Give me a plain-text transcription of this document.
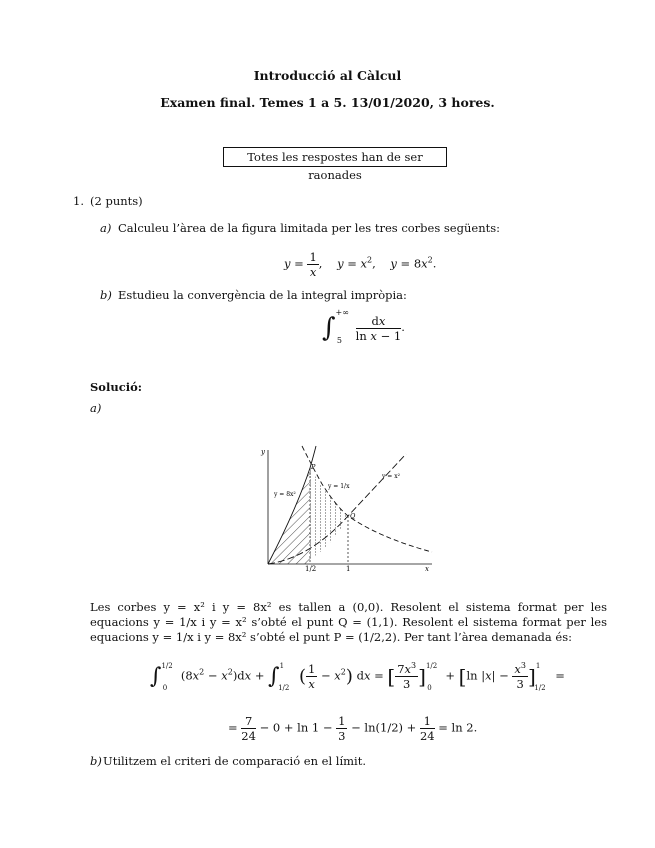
Introducció al Càlcul
Examen final. Temes 1 a 5. 13/01/2020, 3 hores.
Totes les respostes han de ser raonades
1. (2 punts)
a) Calculeu l’àrea de la figura limitada per les tres corbes següents:
$y = \frac{1}{x}$ ,    $y = x^2$,    $y = 8x^2$.
b) Estudieu la convergència de la integral impròpia:
$\int^{+\infty}_5 \frac{dx}{\text{ln x − 1}}$ .
Solució:
a)
y
x
1/2	1
y = 8x²
y = 1/x
y = x²
P
Q
Les corbes y = x² i y = 8x² es tallen a (0,0). Resolent el sistema format per les equacions y = 1/x i y = x² s’obté el punt Q = (1,1). Resolent el sistema format per les equacions y = 1/x i y = 8x² s’obté el punt P = (1/2,2). Per tant l’àrea demanada és:
∫$^{1/2}_0$ $(8x^2 - x^2)dx + \int^1_{1/2}$ ( $\frac{1}{x} - x^2$) dx = [ $\frac{7x^3}{3} ]^{1/2}_0 + [\ln$ $|x| - \frac{x^3}{3} ]^1_{1/2}$ =
= $\frac{7}{24} - 0 + \ln 1 - \frac{1}{3} - \ln(1/2) + \frac{1}{24} = \ln 2$.
b) Utilitzem el criteri de comparació en el límit.
